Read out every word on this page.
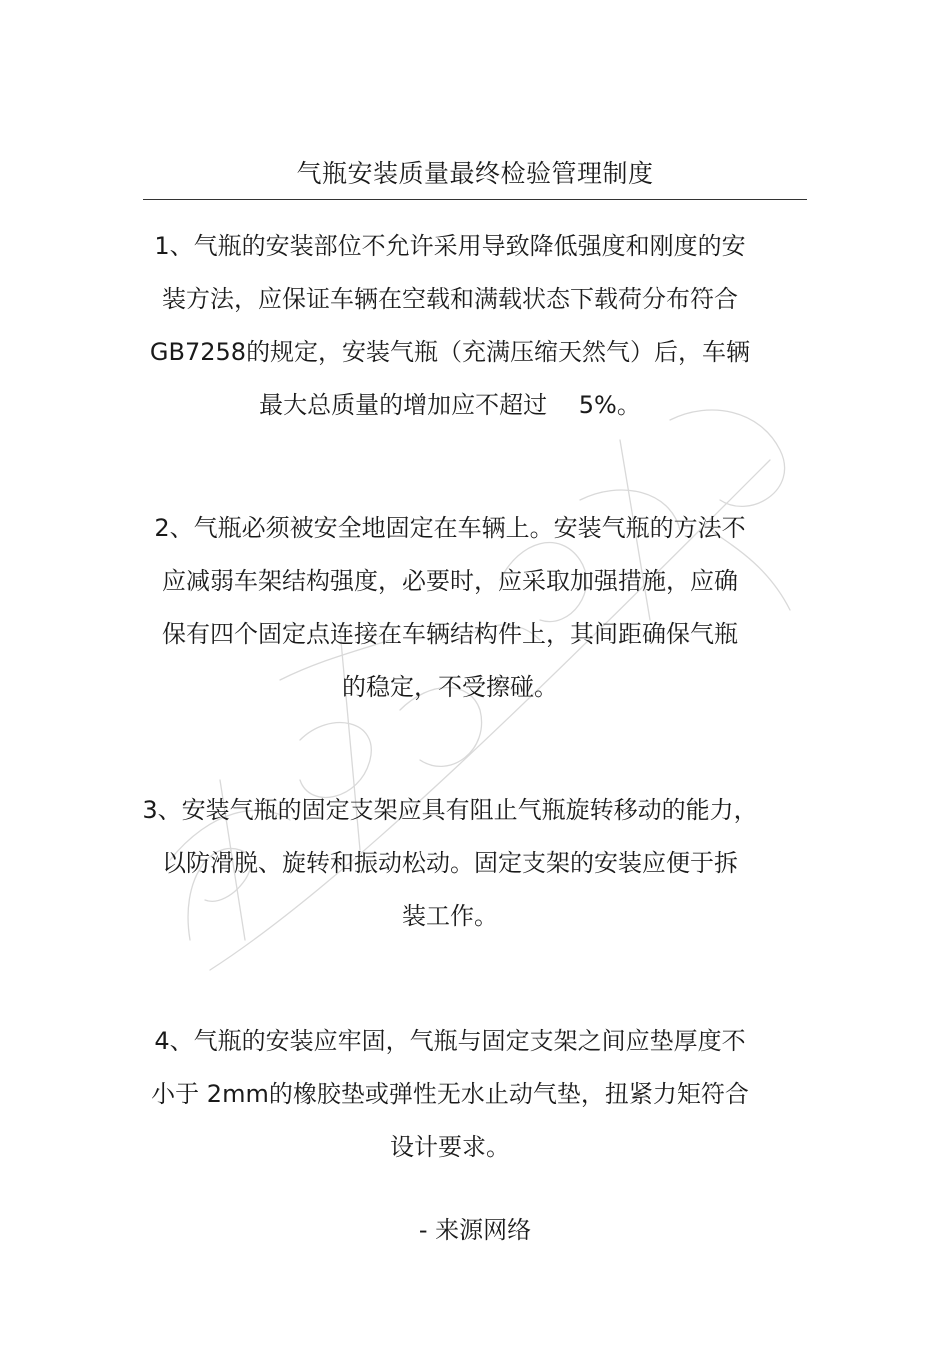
气瓶安装质量最终检验管理制度
1、气瓶的安装部位不允许采用导致降低强度和刚度的安
装方法，应保证车辆在空载和满载状态下载荷分布符合
GB7258的规定，安装气瓶（充满压缩天然气）后，车辆
最大总质量的增加应不超过　 5%。
2、气瓶必须被安全地固定在车辆上。安装气瓶的方法不
应减弱车架结构强度，必要时，应采取加强措施，应确
保有四个固定点连接在车辆结构件上，其间距确保气瓶
的稳定，不受擦碰。
3、安装气瓶的固定支架应具有阻止气瓶旋转移动的能力，
以防滑脱、旋转和振动松动。固定支架的安装应便于拆
装工作。
4、气瓶的安装应牢固，气瓶与固定支架之间应垫厚度不
小于 2mm的橡胶垫或弹性无水止动气垫，扭紧力矩符合
设计要求。
- 来源网络
